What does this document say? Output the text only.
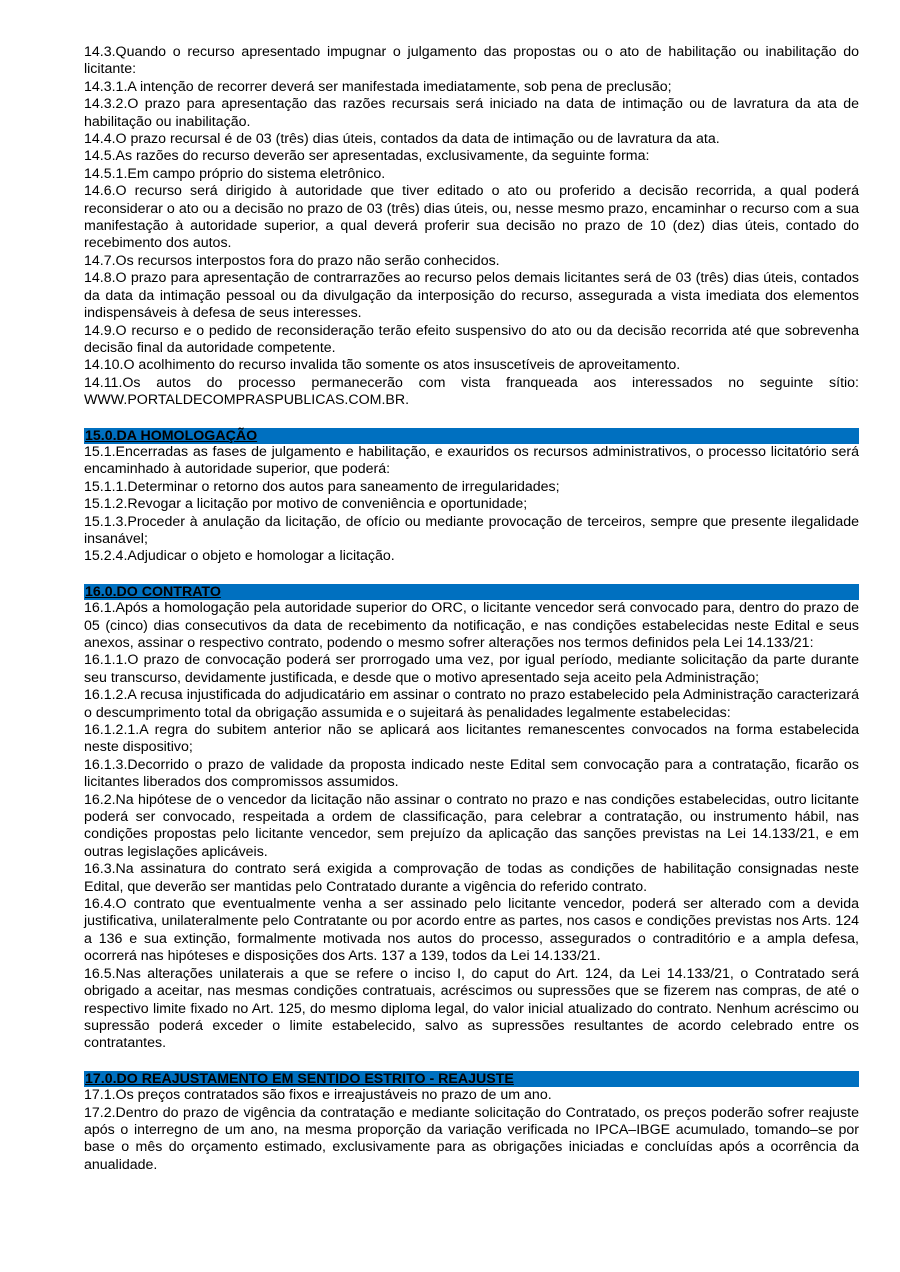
14.3.Quando o recurso apresentado impugnar o julgamento das propostas ou o ato de habilitação ou inabilitação do licitante:

14.3.1.A intenção de recorrer deverá ser manifestada imediatamente, sob pena de preclusão;

14.3.2.O prazo para apresentação das razões recursais será iniciado na data de intimação ou de lavratura da ata de habilitação ou inabilitação.

14.4.O prazo recursal é de 03 (três) dias úteis, contados da data de intimação ou de lavratura da ata.

14.5.As razões do recurso deverão ser apresentadas, exclusivamente, da seguinte forma:

14.5.1.Em campo próprio do sistema eletrônico.

14.6.O recurso será dirigido à autoridade que tiver editado o ato ou proferido a decisão recorrida, a qual poderá reconsiderar o ato ou a decisão no prazo de 03 (três) dias úteis, ou, nesse mesmo prazo, encaminhar o recurso com a sua manifestação à autoridade superior, a qual deverá proferir sua decisão no prazo de 10 (dez) dias úteis, contado do recebimento dos autos.

14.7.Os recursos interpostos fora do prazo não serão conhecidos.

14.8.O prazo para apresentação de contrarrazões ao recurso pelos demais licitantes será de 03 (três) dias úteis, contados da data da intimação pessoal ou da divulgação da interposição do recurso, assegurada a vista imediata dos elementos indispensáveis à defesa de seus interesses.

14.9.O recurso e o pedido de reconsideração terão efeito suspensivo do ato ou da decisão recorrida até que sobrevenha decisão final da autoridade competente.

14.10.O acolhimento do recurso invalida tão somente os atos insuscetíveis de aproveitamento.

14.11.Os autos do processo permanecerão com vista franqueada aos interessados no seguinte sítio:

WWW.PORTALDECOMPRASPUBLICAS.COM.BR.

15.0.DA HOMOLOGAÇÃO

15.1.Encerradas as fases de julgamento e habilitação, e exauridos os recursos administrativos, o processo licitatório será encaminhado à autoridade superior, que poderá:

15.1.1.Determinar o retorno dos autos para saneamento de irregularidades;

15.1.2.Revogar a licitação por motivo de conveniência e oportunidade;

15.1.3.Proceder à anulação da licitação, de ofício ou mediante provocação de terceiros, sempre que presente ilegalidade insanável;

15.2.4.Adjudicar o objeto e homologar a licitação.

16.0.DO CONTRATO

16.1.Após a homologação pela autoridade superior do ORC, o licitante vencedor será convocado para, dentro do prazo de 05 (cinco) dias consecutivos da data de recebimento da notificação, e nas condições estabelecidas neste Edital e seus anexos, assinar o respectivo contrato, podendo o mesmo sofrer alterações nos termos definidos pela Lei 14.133/21:

16.1.1.O prazo de convocação poderá ser prorrogado uma vez, por igual período, mediante solicitação da parte durante seu transcurso, devidamente justificada, e desde que o motivo apresentado seja aceito pela Administração;

16.1.2.A recusa injustificada do adjudicatário em assinar o contrato no prazo estabelecido pela Administração caracterizará o descumprimento total da obrigação assumida e o sujeitará às penalidades legalmente estabelecidas:

16.1.2.1.A regra do subitem anterior não se aplicará aos licitantes remanescentes convocados na forma estabelecida neste dispositivo;

16.1.3.Decorrido o prazo de validade da proposta indicado neste Edital sem convocação para a contratação, ficarão os licitantes liberados dos compromissos assumidos.

16.2.Na hipótese de o vencedor da licitação não assinar o contrato no prazo e nas condições estabelecidas, outro licitante poderá ser convocado, respeitada a ordem de classificação, para celebrar a contratação, ou instrumento hábil, nas condições propostas pelo licitante vencedor, sem prejuízo da aplicação das sanções previstas na Lei 14.133/21, e em outras legislações aplicáveis.

16.3.Na assinatura do contrato será exigida a comprovação de todas as condições de habilitação consignadas neste Edital, que deverão ser mantidas pelo Contratado durante a vigência do referido contrato.

16.4.O contrato que eventualmente venha a ser assinado pelo licitante vencedor, poderá ser alterado com a devida justificativa, unilateralmente pelo Contratante ou por acordo entre as partes, nos casos e condições previstas nos Arts. 124 a 136 e sua extinção, formalmente motivada nos autos do processo, assegurados o contraditório e a ampla defesa, ocorrerá nas hipóteses e disposições dos Arts. 137 a 139, todos da Lei 14.133/21.

16.5.Nas alterações unilaterais a que se refere o inciso I, do caput do Art. 124, da Lei 14.133/21, o Contratado será obrigado a aceitar, nas mesmas condições contratuais, acréscimos ou supressões que se fizerem nas compras, de até o respectivo limite fixado no Art. 125, do mesmo diploma legal, do valor inicial atualizado do contrato. Nenhum acréscimo ou supressão poderá exceder o limite estabelecido, salvo as supressões resultantes de acordo celebrado entre os contratantes.

17.0.DO REAJUSTAMENTO EM SENTIDO ESTRITO - REAJUSTE

17.1.Os preços contratados são fixos e irreajustáveis no prazo de um ano.

17.2.Dentro do prazo de vigência da contratação e mediante solicitação do Contratado, os preços poderão sofrer reajuste após o interregno de um ano, na mesma proporção da variação verificada no IPCA–IBGE acumulado, tomando–se por base o mês do orçamento estimado, exclusivamente para as obrigações iniciadas e concluídas após a ocorrência da anualidade.
